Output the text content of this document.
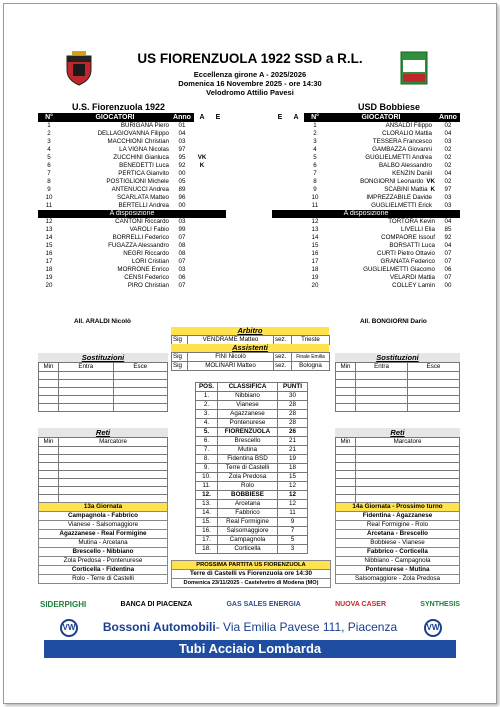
US FIORENZUOLA 1922 SSD a R.L.
Eccellenza girone A - 2025/2026
Domenica 16 Novembre 2025 - ore 14:30
Velodromo Attilio Pavesi
U.S. Fiorenzuola 1922	USD Bobbiese
N°	GIOCATORI	Anno	A	E
1	BURIGANA Piero	01		
2	DELLAGIOVANNA Filippo	04		
3	MACCHIONI Christian	03		
4	LA VIGNA Nicolas	97		
5	ZUCCHINI Gianluca	95	VK	
6	BENEDETTI Luca	92	K	
7	PERTICA Gianvito	00		
8	POSTIGLIONI Michele	05		
9	ANTENUCCI Andrea	89		
10	SCARLATA Matteo	96		
11	BERTELLI Andrea	00		
A disposizione				
12	CANTONI Riccardo	03		
13	VAROLI Fabio	99		
14	BORRELLI Federico	07		
15	FUGAZZA Alessandro	08		
16	NEGRI Riccardo	08		
17	LORI Cristian	07		
18	MORRONE Enrico	03		
19	CENSI Federico	06		
20	PIRO Christian	07		
All. ARALDI Nicolò
E	A	N°	GIOCATORI	Anno
		1	ANSALDI Filippo	02
		2	CLORALIO Mattia	04
		3	TESSERA Francesco	03
		4	GAMBAZZA Giovanni	02
		5	GUGLIELMETTI Andrea	02
		6	BALBO Alessandro	02
		7	KENZIN Daniil	04
		8	BONGIORNI Leonardo VK	02
		9	SCABINI Mattia K	97
		10	IMPREZZABILE Davide	03
		11	GUGLIELMETTI Erick	03
A disposizione				
		12	TORTORA Kevin	04
		13	LIVELLI Elia	85
		14	COMPAORE Issouf	92
		15	BORSATTI Luca	04
		16	CURTI Pietro Ottavio	07
		17	GRANATA Federico	07
		18	GUGLIELMETTI Giacomo	06
		19	VELARDI Mattia	07
		20	COLLEY Lamin	00
All. BONGIORNI Dario
Arbitro
Sig	VENDRAME Matteo	sez.	Trieste
Assistenti
Sig	FINI Nicolò	sez.	Finale Emilia
Sig	MOLINARI Matteo	sez.	Bologna
Sostituzioni
Min	Entra	Esce

Sostituzioni
Min	Entra	Esce

Reti
Min	Marcatore

Reti
Min	Marcatore

POS.	CLASSIFICA	PUNTI
1.	Nibbiano	30
2.	Vianese	28
3.	Agazzanese	28
4.	Pontenurese	28
5.	FIORENZUOLA	26
6.	Brescello	21
7.	Mutina	21
8.	Fidentina BSD	19
9.	Terre di Castelli	18
10.	Zola Predosa	15
11.	Rolo	12
12.	BOBBIESE	12
13.	Arcetana	12
14.	Fabbrico	11
15.	Real Formigine	9
16.	Salsomaggiore	7
17.	Campagnola	5
18.	Corticella	3
13a Giornata
Campagnola - Fabbrico
Vianese - Salsomaggiore
Agazzanese - Real Formigine
Mutina - Arcetana
Brescello - Nibbiano
Zola Predosa - Pontenurese
Corticella - Fidentina
Rolo - Terre di Castelli
14a Giornata - Prossimo turno
Fidentina - Agazzanese
Real Formigine - Rolo
Arcetana - Brescello
Bobbiese - Vianese
Fabbrico - Corticella
Nibbiano - Campagnola
Pontenurese - Mutina
Salsomaggiore - Zola Predosa
PROSSIMA PARTITA US FIORENZUOLA
Terre di Castelli vs Fiorenzuola ore 14:30
Domenica 23/11/2025 - Castelvetro di Modena (MO)
SIDERPIGHI	BANCA DI PIACENZA	GAS SALES ENERGIA	NUOVA CASER	SYNTHESIS
VW Bossoni Automobili - Via Emilia Pavese 111, Piacenza	VW
Tubi Acciaio Lombarda
